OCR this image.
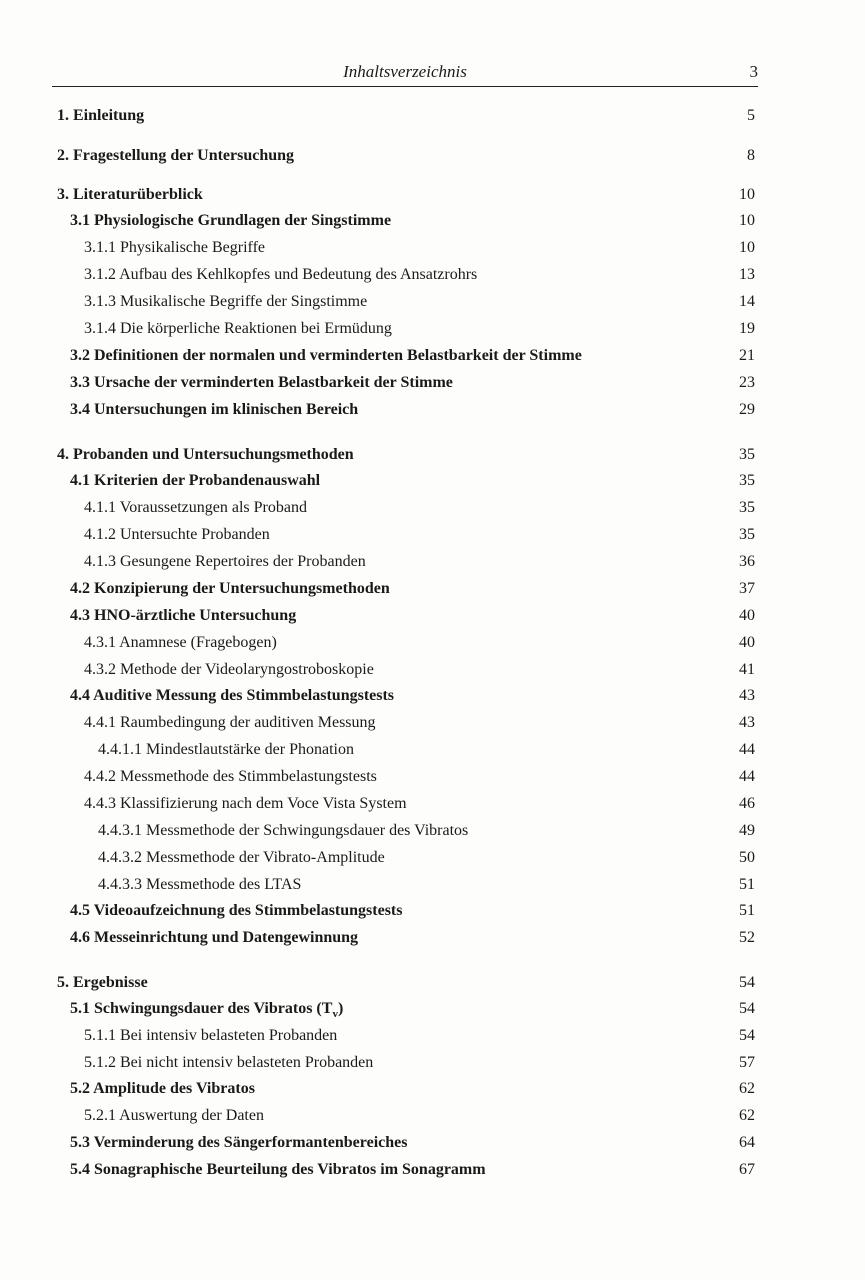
Inhaltsverzeichnis	3
1. Einleitung	5
2. Fragestellung der Untersuchung	8
3. Literaturüberblick	10
3.1 Physiologische Grundlagen der Singstimme	10
3.1.1 Physikalische Begriffe	10
3.1.2 Aufbau des Kehlkopfes und Bedeutung des Ansatzrohrs	13
3.1.3 Musikalische Begriffe der Singstimme	14
3.1.4 Die körperliche Reaktionen bei Ermüdung	19
3.2 Definitionen der normalen und verminderten Belastbarkeit der Stimme	21
3.3 Ursache der verminderten Belastbarkeit der Stimme	23
3.4 Untersuchungen im klinischen Bereich	29
4. Probanden und Untersuchungsmethoden	35
4.1 Kriterien der Probandenauswahl	35
4.1.1 Voraussetzungen als Proband	35
4.1.2 Untersuchte Probanden	35
4.1.3 Gesungene Repertoires der Probanden	36
4.2 Konzipierung der Untersuchungsmethoden	37
4.3 HNO-ärztliche Untersuchung	40
4.3.1 Anamnese (Fragebogen)	40
4.3.2 Methode der Videolaryngostroboskopie	41
4.4 Auditive Messung des Stimmbelastungstests	43
4.4.1 Raumbedingung der auditiven Messung	43
4.4.1.1 Mindestlautstärke der Phonation	44
4.4.2 Messmethode des Stimmbelastungstests	44
4.4.3 Klassifizierung nach dem Voce Vista System	46
4.4.3.1 Messmethode der Schwingungsdauer des Vibratos	49
4.4.3.2 Messmethode der Vibrato-Amplitude	50
4.4.3.3 Messmethode des LTAS	51
4.5 Videoaufzeichnung des Stimmbelastungstests	51
4.6 Messeinrichtung und Datengewinnung	52
5. Ergebnisse	54
5.1 Schwingungsdauer des Vibratos $(T_v)$	54
5.1.1 Bei intensiv belasteten Probanden	54
5.1.2 Bei nicht intensiv belasteten Probanden	57
5.2 Amplitude des Vibratos	62
5.2.1 Auswertung der Daten	62
5.3 Verminderung des Sängerformantenbereiches	64
5.4 Sonagraphische Beurteilung des Vibratos im Sonagramm	67
